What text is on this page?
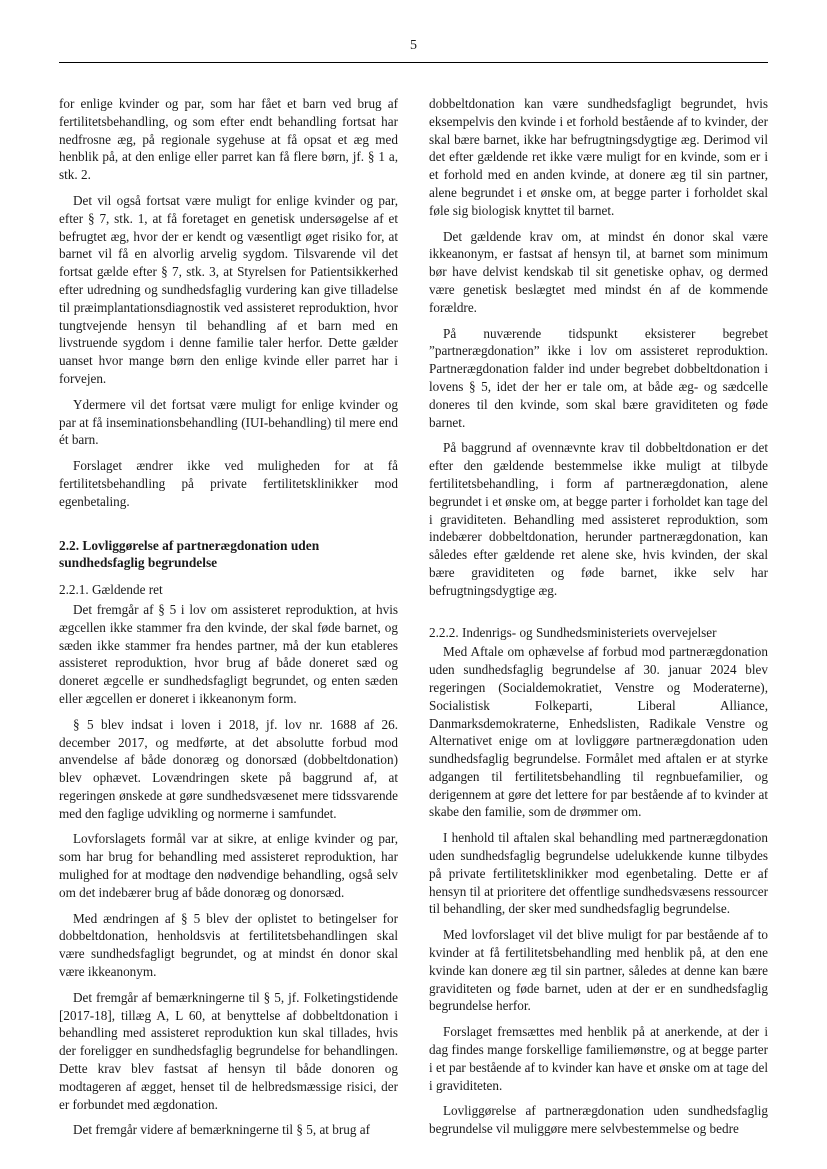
5

for enlige kvinder og par, som har fået et barn ved brug af fertilitetsbehandling, og som efter endt behandling fortsat har nedfrosne æg, på regionale sygehuse at få opsat et æg med henblik på, at den enlige eller parret kan få flere børn, jf. § 1 a, stk. 2.

Det vil også fortsat være muligt for enlige kvinder og par, efter § 7, stk. 1, at få foretaget en genetisk undersøgelse af et befrugtet æg, hvor der er kendt og væsentligt øget risiko for, at barnet vil få en alvorlig arvelig sygdom. Tilsvarende vil det fortsat gælde efter § 7, stk. 3, at Styrelsen for Patientsikkerhed efter udredning og sundhedsfaglig vurdering kan give tilladelse til præimplantationsdiagnostik ved assisteret reproduktion, hvor tungtvejende hensyn til behandling af et barn med en livstruende sygdom i denne familie taler herfor. Dette gælder uanset hvor mange børn den enlige kvinde eller parret har i forvejen.

Ydermere vil det fortsat være muligt for enlige kvinder og par at få inseminationsbehandling (IUI-behandling) til mere end ét barn.

Forslaget ændrer ikke ved muligheden for at få fertilitetsbehandling på private fertilitetsklinikker mod egenbetaling.

2.2. Lovliggørelse af partnerægdonation uden sundhedsfaglig begrundelse
2.2.1. Gældende ret

Det fremgår af § 5 i lov om assisteret reproduktion, at hvis ægcellen ikke stammer fra den kvinde, der skal føde barnet, og sæden ikke stammer fra hendes partner, må der kun etableres assisteret reproduktion, hvor brug af både doneret sæd og doneret ægcelle er sundhedsfagligt begrundet, og enten sæden eller ægcellen er doneret i ikkeanonym form.

§ 5 blev indsat i loven i 2018, jf. lov nr. 1688 af 26. december 2017, og medførte, at det absolutte forbud mod anvendelse af både donoræg og donorsæd (dobbeltdonation) blev ophævet. Lovændringen skete på baggrund af, at regeringen ønskede at gøre sundhedsvæsenet mere tidssvarende med den faglige udvikling og normerne i samfundet.

Lovforslagets formål var at sikre, at enlige kvinder og par, som har brug for behandling med assisteret reproduktion, har mulighed for at modtage den nødvendige behandling, også selv om det indebærer brug af både donoræg og donorsæd.

Med ændringen af § 5 blev der oplistet to betingelser for dobbeltdonation, henholdsvis at fertilitetsbehandlingen skal være sundhedsfagligt begrundet, og at mindst én donor skal være ikkeanonym.

Det fremgår af bemærkningerne til § 5, jf. Folketingstidende [2017-18], tillæg A, L 60, at benyttelse af dobbeltdonation i behandling med assisteret reproduktion kun skal tillades, hvis der foreligger en sundhedsfaglig begrundelse for behandlingen. Dette krav blev fastsat af hensyn til både donoren og modtageren af ægget, henset til de helbredsmæssige risici, der er forbundet med ægdonation.

Det fremgår videre af bemærkningerne til § 5, at brug af

dobbeltdonation kan være sundhedsfagligt begrundet, hvis eksempelvis den kvinde i et forhold bestående af to kvinder, der skal bære barnet, ikke har befrugtningsdygtige æg. Derimod vil det efter gældende ret ikke være muligt for en kvinde, som er i et forhold med en anden kvinde, at donere æg til sin partner, alene begrundet i et ønske om, at begge parter i forholdet skal føle sig biologisk knyttet til barnet.

Det gældende krav om, at mindst én donor skal være ikkeanonym, er fastsat af hensyn til, at barnet som minimum bør have delvist kendskab til sit genetiske ophav, og dermed være genetisk beslægtet med mindst én af de kommende forældre.

På nuværende tidspunkt eksisterer begrebet ”partnerægdonation” ikke i lov om assisteret reproduktion. Partnerægdonation falder ind under begrebet dobbeltdonation i lovens § 5, idet der her er tale om, at både æg- og sædcelle doneres til den kvinde, som skal bære graviditeten og føde barnet.

På baggrund af ovennævnte krav til dobbeltdonation er det efter den gældende bestemmelse ikke muligt at tilbyde fertilitetsbehandling, i form af partnerægdonation, alene begrundet i et ønske om, at begge parter i forholdet kan tage del i graviditeten. Behandling med assisteret reproduktion, som indebærer dobbeltdonation, herunder partnerægdonation, kan således efter gældende ret alene ske, hvis kvinden, der skal bære graviditeten og føde barnet, ikke selv har befrugtningsdygtige æg.

2.2.2. Indenrigs- og Sundhedsministeriets overvejelser

Med Aftale om ophævelse af forbud mod partnerægdonation uden sundhedsfaglig begrundelse af 30. januar 2024 blev regeringen (Socialdemokratiet, Venstre og Moderaterne), Socialistisk Folkeparti, Liberal Alliance, Danmarksdemokraterne, Enhedslisten, Radikale Venstre og Alternativet enige om at lovliggøre partnerægdonation uden sundhedsfaglig begrundelse. Formålet med aftalen er at styrke adgangen til fertilitetsbehandling til regnbuefamilier, og derigennem at gøre det lettere for par bestående af to kvinder at skabe den familie, som de drømmer om.

I henhold til aftalen skal behandling med partnerægdonation uden sundhedsfaglig begrundelse udelukkende kunne tilbydes på private fertilitetsklinikker mod egenbetaling. Dette er af hensyn til at prioritere det offentlige sundhedsvæsens ressourcer til behandling, der sker med sundhedsfaglig begrundelse.

Med lovforslaget vil det blive muligt for par bestående af to kvinder at få fertilitetsbehandling med henblik på, at den ene kvinde kan donere æg til sin partner, således at denne kan bære graviditeten og føde barnet, uden at der er en sundhedsfaglig begrundelse herfor.

Forslaget fremsættes med henblik på at anerkende, at der i dag findes mange forskellige familiemønstre, og at begge parter i et par bestående af to kvinder kan have et ønske om at tage del i graviditeten.

Lovliggørelse af partnerægdonation uden sundhedsfaglig begrundelse vil muliggøre mere selvbestemmelse og bedre
